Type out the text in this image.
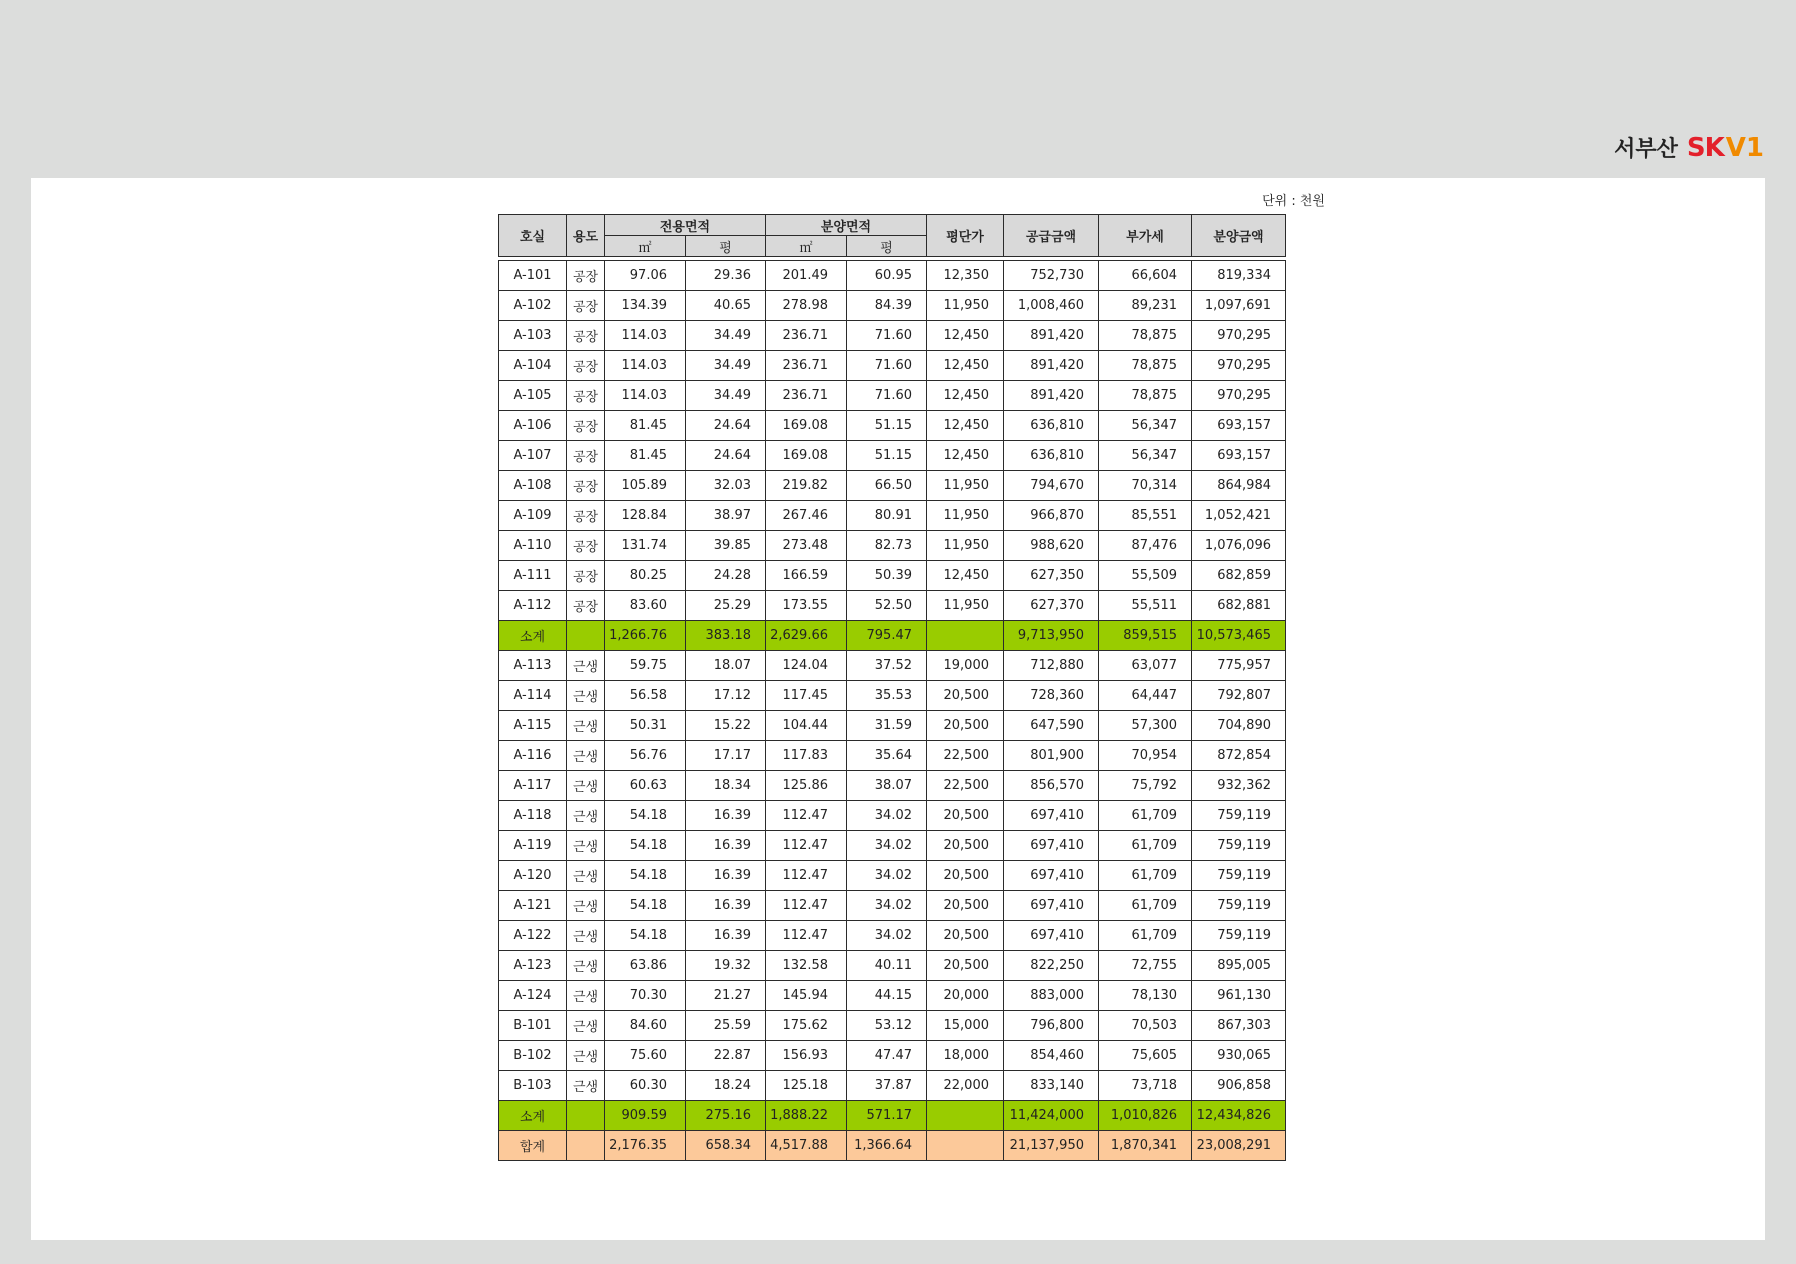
서부산 SKV1
단위 : 천원
호실	용도	전용면적		분양면적		평단가	공급금액	부가세	분양금액
		㎡	평	㎡	평				

A-101	공장	97.06	29.36	201.49	60.95	12,350	752,730	66,604	819,334
A-102	공장	134.39	40.65	278.98	84.39	11,950	1,008,460	89,231	1,097,691
A-103	공장	114.03	34.49	236.71	71.60	12,450	891,420	78,875	970,295
A-104	공장	114.03	34.49	236.71	71.60	12,450	891,420	78,875	970,295
A-105	공장	114.03	34.49	236.71	71.60	12,450	891,420	78,875	970,295
A-106	공장	81.45	24.64	169.08	51.15	12,450	636,810	56,347	693,157
A-107	공장	81.45	24.64	169.08	51.15	12,450	636,810	56,347	693,157
A-108	공장	105.89	32.03	219.82	66.50	11,950	794,670	70,314	864,984
A-109	공장	128.84	38.97	267.46	80.91	11,950	966,870	85,551	1,052,421
A-110	공장	131.74	39.85	273.48	82.73	11,950	988,620	87,476	1,076,096
A-111	공장	80.25	24.28	166.59	50.39	12,450	627,350	55,509	682,859
A-112	공장	83.60	25.29	173.55	52.50	11,950	627,370	55,511	682,881
소계		1,266.76	383.18	2,629.66	795.47		9,713,950	859,515	10,573,465
A-113	근생	59.75	18.07	124.04	37.52	19,000	712,880	63,077	775,957
A-114	근생	56.58	17.12	117.45	35.53	20,500	728,360	64,447	792,807
A-115	근생	50.31	15.22	104.44	31.59	20,500	647,590	57,300	704,890
A-116	근생	56.76	17.17	117.83	35.64	22,500	801,900	70,954	872,854
A-117	근생	60.63	18.34	125.86	38.07	22,500	856,570	75,792	932,362
A-118	근생	54.18	16.39	112.47	34.02	20,500	697,410	61,709	759,119
A-119	근생	54.18	16.39	112.47	34.02	20,500	697,410	61,709	759,119
A-120	근생	54.18	16.39	112.47	34.02	20,500	697,410	61,709	759,119
A-121	근생	54.18	16.39	112.47	34.02	20,500	697,410	61,709	759,119
A-122	근생	54.18	16.39	112.47	34.02	20,500	697,410	61,709	759,119
A-123	근생	63.86	19.32	132.58	40.11	20,500	822,250	72,755	895,005
A-124	근생	70.30	21.27	145.94	44.15	20,000	883,000	78,130	961,130
B-101	근생	84.60	25.59	175.62	53.12	15,000	796,800	70,503	867,303
B-102	근생	75.60	22.87	156.93	47.47	18,000	854,460	75,605	930,065
B-103	근생	60.30	18.24	125.18	37.87	22,000	833,140	73,718	906,858
소계		909.59	275.16	1,888.22	571.17		11,424,000	1,010,826	12,434,826
합계		2,176.35	658.34	4,517.88	1,366.64		21,137,950	1,870,341	23,008,291
